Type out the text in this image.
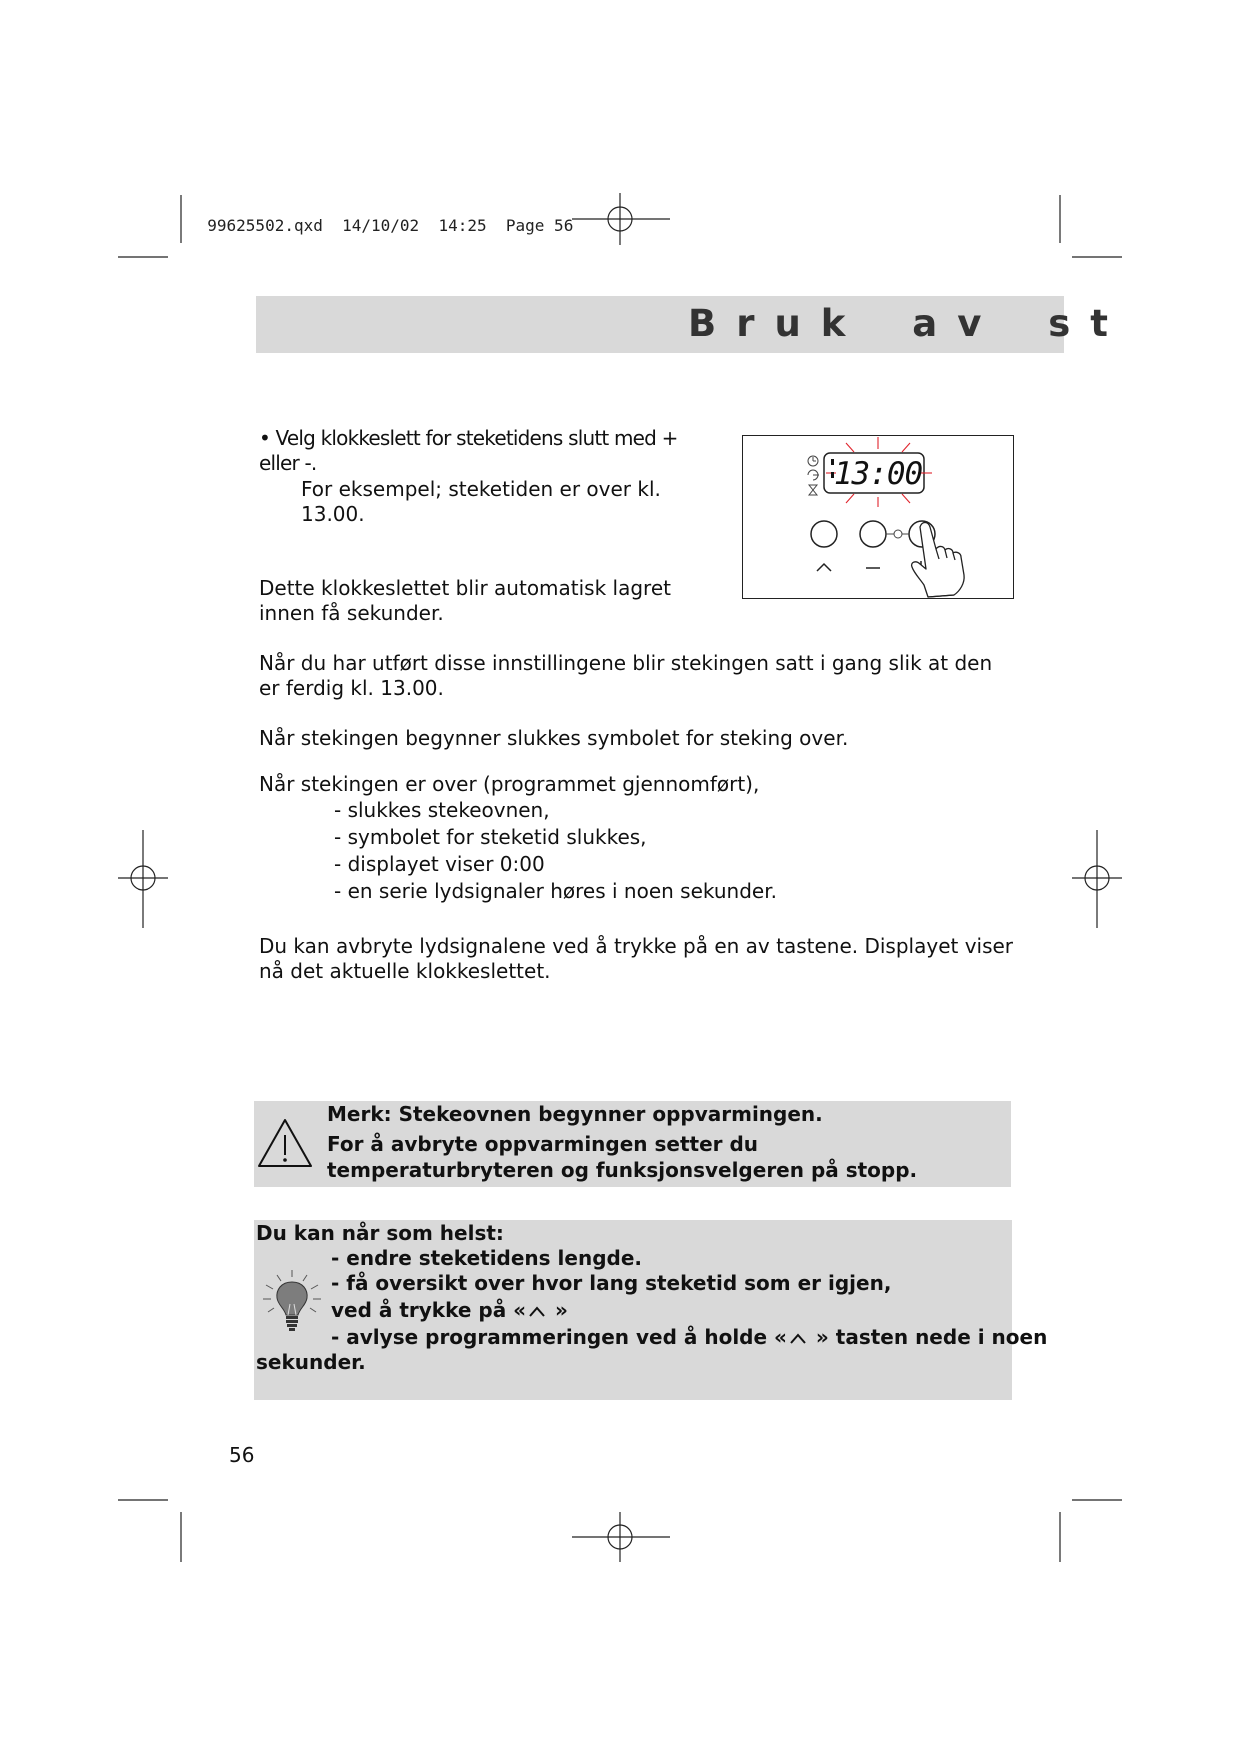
99625502.qxd 14/10/02 14:25 Page 56

Bruk av st
• Velg klokkeslett for steketidens slutt med + eller -.
For eksempel; steketiden er over kl. 13.00.
13:00
Dette klokkeslettet blir automatisk lagret innen få sekunder.
Når du har utført disse innstillingene blir stekingen satt i gang slik at den er ferdig kl. 13.00.
Når stekingen begynner slukkes symbolet for steking over.
Når stekingen er over (programmet gjennomført),
- slukkes stekeovnen,
- symbolet for steketid slukkes,
- displayet viser 0:00
- en serie lydsignaler høres i noen sekunder.
Du kan avbryte lydsignalene ved å trykke på en av tastene. Displayet viser nå det aktuelle klokkeslettet.
Merk: Stekeovnen begynner oppvarmingen.
For å avbryte oppvarmingen setter du temperaturbryteren og funksjonsvelgeren på stopp.
Du kan når som helst:
- endre steketidens lengde.
- få oversikt over hvor lang steketid som er igjen,
ved å trykke på « »
- avlyse programmeringen ved å holde « » tasten nede i noen
sekunder.
56
